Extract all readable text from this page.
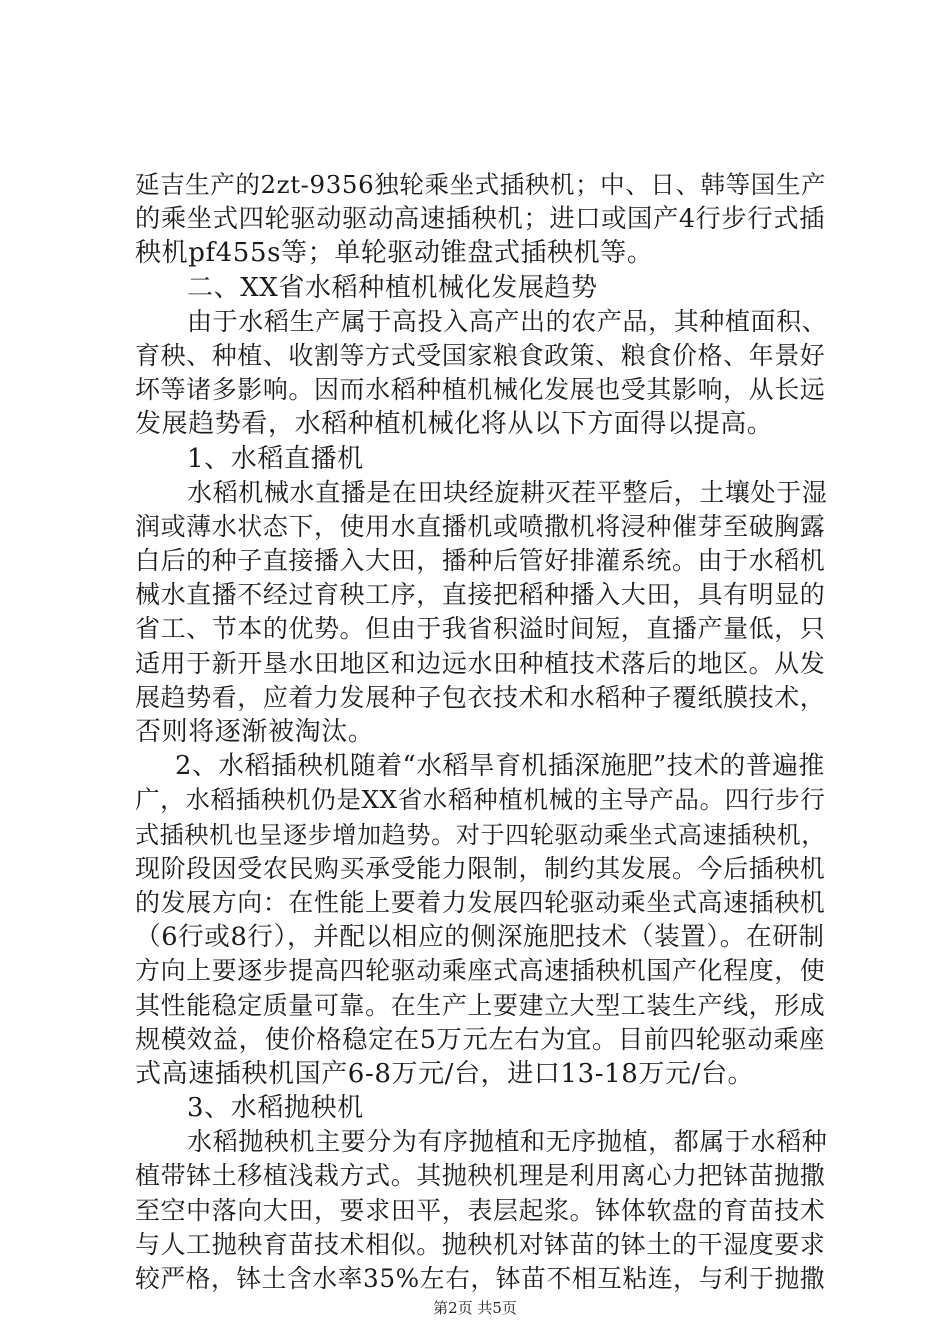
延吉生产的2zt-9356独轮乘坐式插秧机；中、日、韩等国生产
的乘坐式四轮驱动驱动高速插秧机；进口或国产4行步行式插
秧机pf455s等；单轮驱动锥盘式插秧机等。
二、XX省水稻种植机械化发展趋势
由于水稻生产属于高投入高产出的农产品，其种植面积、
育秧、种植、收割等方式受国家粮食政策、粮食价格、年景好
坏等诸多影响。因而水稻种植机械化发展也受其影响，从长远
发展趋势看，水稻种植机械化将从以下方面得以提高。
1、水稻直播机
水稻机械水直播是在田块经旋耕灭茬平整后，土壤处于湿
润或薄水状态下，使用水直播机或喷撒机将浸种催芽至破胸露
白后的种子直接播入大田，播种后管好排灌系统。由于水稻机
械水直播不经过育秧工序，直接把稻种播入大田，具有明显的
省工、节本的优势。但由于我省积溢时间短，直播产量低，只
适用于新开垦水田地区和边远水田种植技术落后的地区。从发
展趋势看，应着力发展种子包衣技术和水稻种子覆纸膜技术，
否则将逐渐被淘汰。
2、水稻插秧机随着“水稻旱育机插深施肥”技术的普遍推
广，水稻插秧机仍是XX省水稻种植机械的主导产品。四行步行
式插秧机也呈逐步增加趋势。对于四轮驱动乘坐式高速插秧机，
现阶段因受农民购买承受能力限制，制约其发展。今后插秧机
的发展方向：在性能上要着力发展四轮驱动乘坐式高速插秧机
（6行或8行），并配以相应的侧深施肥技术（装置）。在研制
方向上要逐步提高四轮驱动乘座式高速插秧机国产化程度，使
其性能稳定质量可靠。在生产上要建立大型工装生产线，形成
规模效益，使价格稳定在5万元左右为宜。目前四轮驱动乘座
式高速插秧机国产6-8万元/台，进口13-18万元/台。
3、水稻抛秧机
水稻抛秧机主要分为有序抛植和无序抛植，都属于水稻种
植带钵土移植浅栽方式。其抛秧机理是利用离心力把钵苗抛撒
至空中落向大田，要求田平，表层起浆。钵体软盘的育苗技术
与人工抛秧育苗技术相似。抛秧机对钵苗的钵土的干湿度要求
较严格，钵土含水率35%左右，钵苗不相互粘连，与利于抛撒
第2页 共5页
